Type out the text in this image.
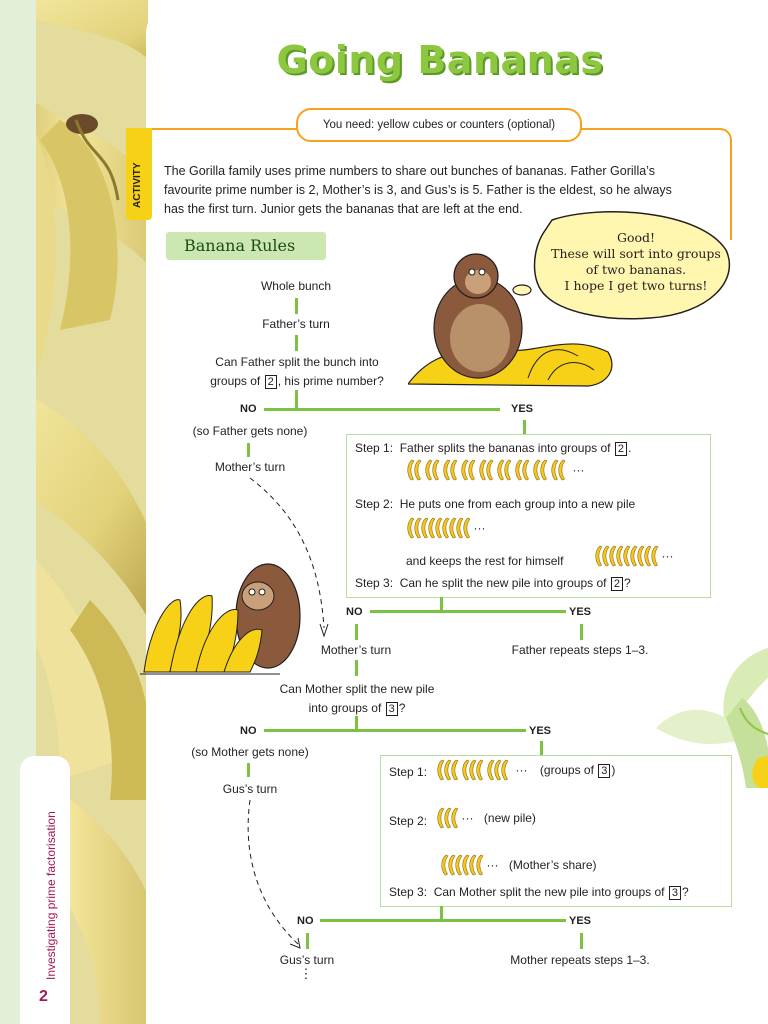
Investigating prime factorisation
2
Going Bananas
ACTIVITY
You need: yellow cubes or counters (optional)
The Gorilla family uses prime numbers to share out bunches of bananas. Father Gorilla’s
favourite prime number is 2, Mother’s is 3, and Gus’s is 5. Father is the eldest, so he always
has the first turn. Junior gets the bananas that are left at the end.
Banana Rules	Good!
These will sort into groups
of two bananas.
I hope I get two turns!
Whole bunch
Father’s turn
Can Father split the bunch into
groups of 2 , his prime number?
NO	YES
(so Father gets none)
Mother’s turn
Step 1: Father splits the bananas into groups of 2 .
···
Step 2: He puts one from each group into a new pile
···
and keeps the rest for himself	···
Step 3: Can he split the new pile into groups of 2 ?
NO	YES
Mother’s turn	Father repeats steps 1–3.
Can Mother split the new pile
into groups of 3 ?
NO	YES
(so Mother gets none)
Gus’s turn
Step 1:	··· (groups of 3 )
Step 2:	··· (new pile)
··· (Mother’s share)
Step 3: Can Mother split the new pile into groups of 3 ?
NO	YES
Gus’s turn	Mother repeats steps 1–3.
⋮
